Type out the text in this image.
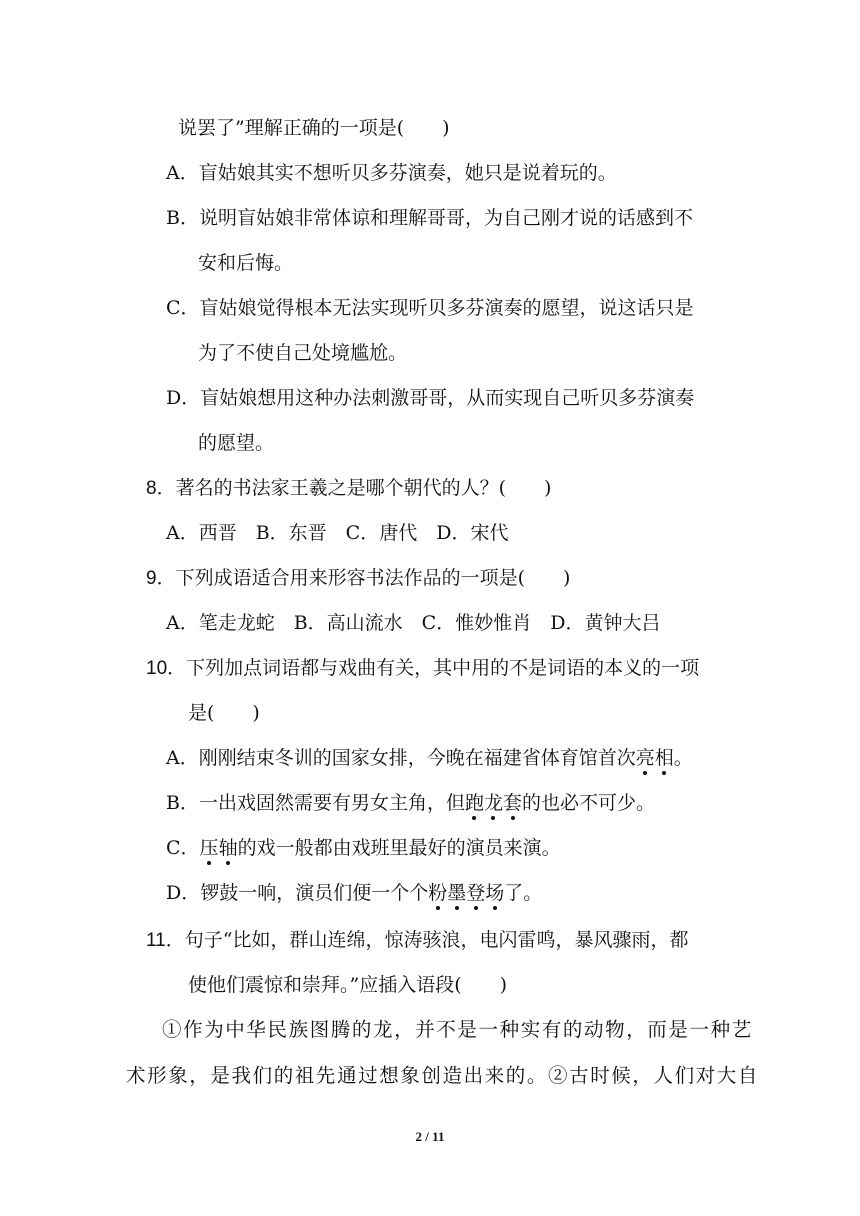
说罢了”理解正确的一项是(　　)
A．盲姑娘其实不想听贝多芬演奏，她只是说着玩的。
B．说明盲姑娘非常体谅和理解哥哥，为自己刚才说的话感到不
安和后悔。
C．盲姑娘觉得根本无法实现听贝多芬演奏的愿望，说这话只是
为了不使自己处境尴尬。
D．盲姑娘想用这种办法刺激哥哥，从而实现自己听贝多芬演奏
的愿望。
8．著名的书法家王羲之是哪个朝代的人？(　　)
A．西晋　B．东晋　C．唐代　D．宋代
9．下列成语适合用来形容书法作品的一项是(　　)
A．笔走龙蛇　B．高山流水　C．惟妙惟肖　D．黄钟大吕
10．下列加点词语都与戏曲有关，其中用的不是词语的本义的一项
是(　　)
A．刚刚结束冬训的国家女排，今晚在福建省体育馆首次亮相。
B．一出戏固然需要有男女主角，但跑龙套的也必不可少。
C．压轴的戏一般都由戏班里最好的演员来演。
D．锣鼓一响，演员们便一个个粉墨登场了。
11．句子“比如，群山连绵，惊涛骇浪，电闪雷鸣，暴风骤雨，都
使他们震惊和崇拜。”应插入语段(　　)
①作为中华民族图腾的龙，并不是一种实有的动物，而是一种艺
术形象，是我们的祖先通过想象创造出来的。②古时候，人们对大自
2 / 11
